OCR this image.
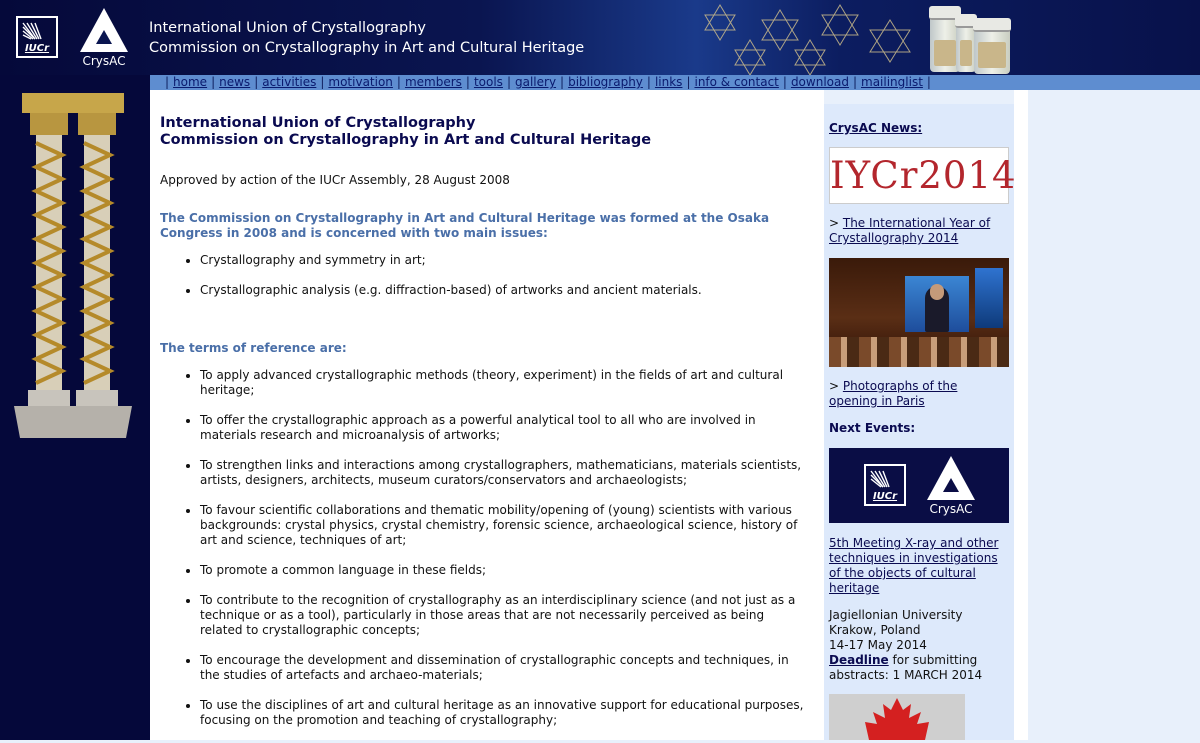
IUCr
CrysAC
International Union of Crystallography
Commission on Crystallography in Art and Cultural Heritage
| home | news | activities | motivation | members | tools | gallery | bibliography | links | info & contact | download | mailinglist |
International Union of Crystallography
Commission on Crystallography in Art and Cultural Heritage

Approved by action of the IUCr Assembly, 28 August 2008

The Commission on Crystallography in Art and Cultural Heritage was formed at the Osaka Congress in 2008 and is concerned with two main issues:
• Crystallography and symmetry in art;
• Crystallographic analysis (e.g. diffraction-based) of artworks and ancient materials.
The terms of reference are:
• To apply advanced crystallographic methods (theory, experiment) in the fields of art and cultural heritage;
• To offer the crystallographic approach as a powerful analytical tool to all who are involved in materials research and microanalysis of artworks;
• To strengthen links and interactions among crystallographers, mathematicians, materials scientists, artists, designers, architects, museum curators/conservators and archaeologists;
• To favour scientific collaborations and thematic mobility/opening of (young) scientists with various backgrounds: crystal physics, crystal chemistry, forensic science, archaeological science, history of art and science, techniques of art;
• To promote a common language in these fields;
• To contribute to the recognition of crystallography as an interdisciplinary science (and not just as a technique or as a tool), particularly in those areas that are not necessarily perceived as being related to crystallographic concepts;
• To encourage the development and dissemination of crystallographic concepts and techniques, in the studies of artefacts and archaeo-materials;
• To use the disciplines of art and cultural heritage as an innovative support for educational purposes, focusing on the promotion and teaching of crystallography;
CrysAC News:
IYCr2014
> The International Year of Crystallography 2014
> Photographs of the opening in Paris
Next Events:
IUCr
CrysAC
5th Meeting X-ray and other techniques in investigations of the objects of cultural heritage
Jagiellonian University
Krakow, Poland
14-17 May 2014
Deadline for submitting abstracts: 1 MARCH 2014
